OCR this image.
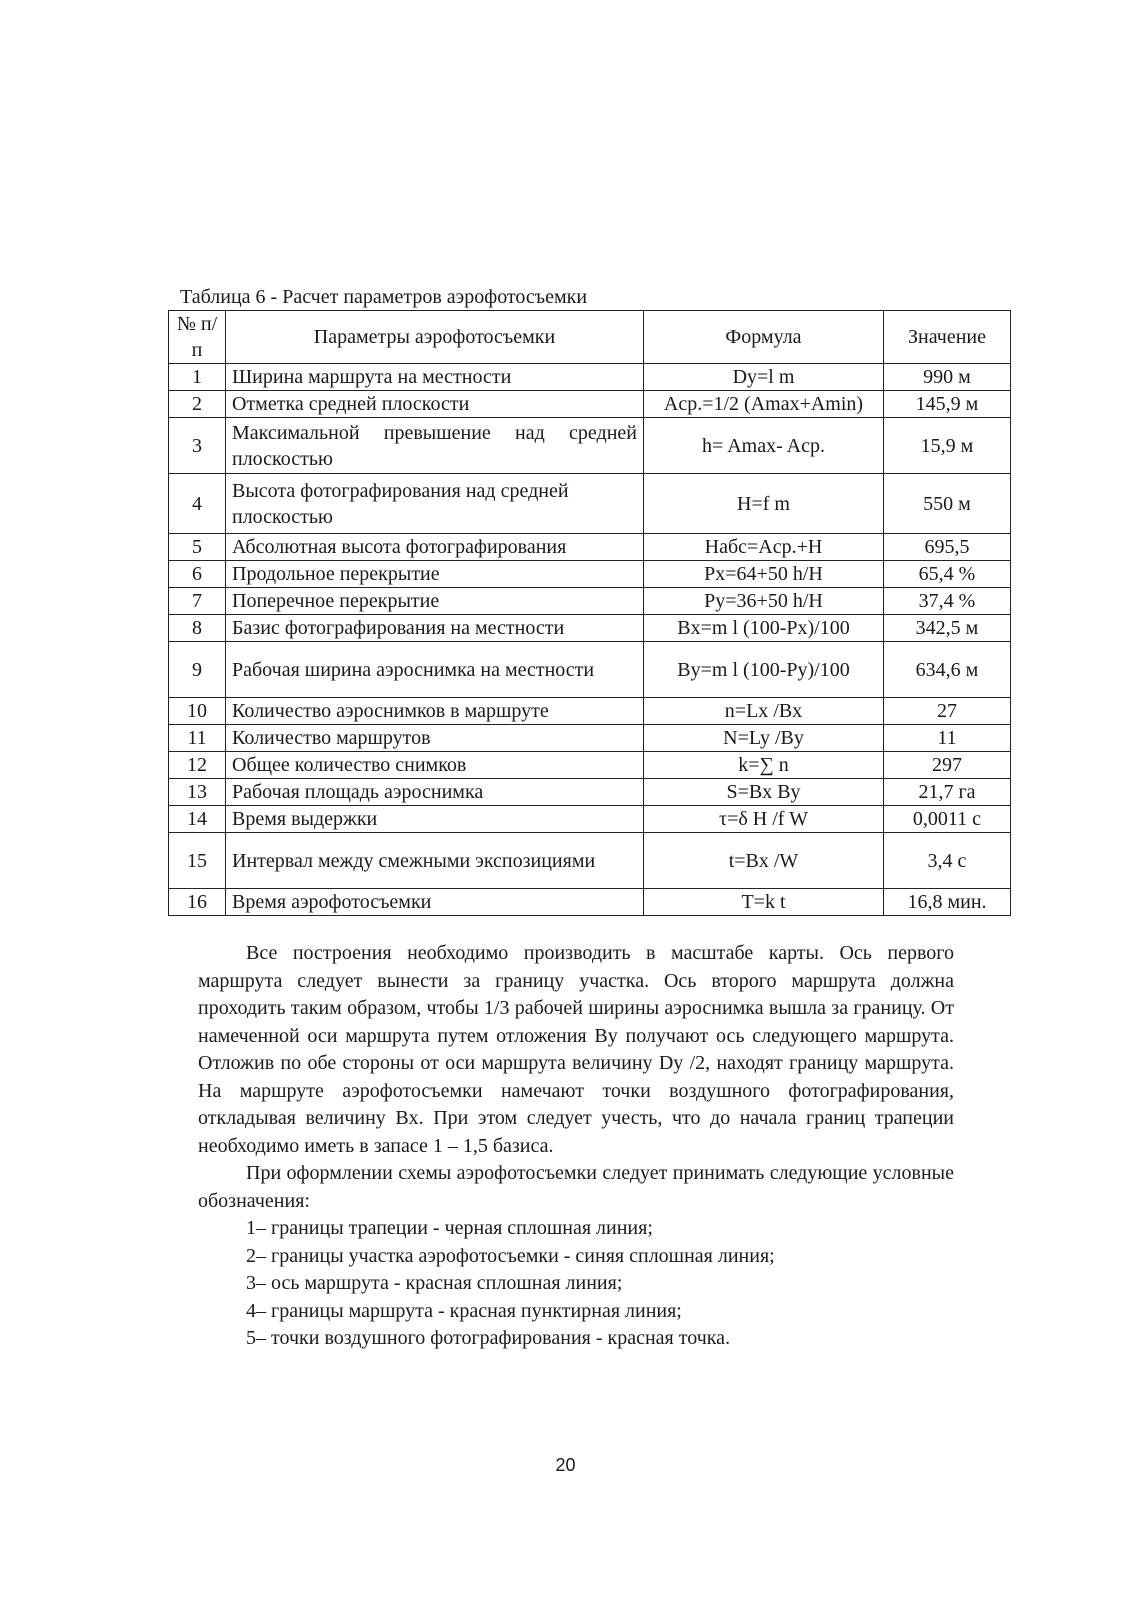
Таблица 6 - Расчет параметров аэрофотосъемки
№ п/п	Параметры аэрофотосъемки	Формула	Значение
1	Ширина маршрута на местности	Dy=l m	990 м
2	Отметка средней плоскости	Aср.=1/2 (Amax+Amin)	145,9 м
3	Максимальной превышение над средней плоскостью	h= Amax- Aср.	15,9 м
4	Высота фотографирования над средней плоскостью	H=f m	550 м
5	Абсолютная высота фотографирования	Hабс=Aср.+H	695,5
6	Продольное перекрытие	Px=64+50 h/H	65,4 %
7	Поперечное перекрытие	Py=36+50 h/H	37,4 %
8	Базис фотографирования на местности	Bx=m l (100-Px)/100	342,5 м
9	Рабочая ширина аэроснимка на местности	By=m l (100-Py)/100	634,6 м
10	Количество аэроснимков в маршруте	n=Lx /Bx	27
11	Количество маршрутов	N=Ly /By	11
12	Общее количество снимков	k=∑ n	297
13	Рабочая площадь аэроснимка	S=Bx By	21,7 га
14	Время выдержки	τ=δ H /f W	0,0011 с
15	Интервал между смежными экспозициями	t=Bx /W	3,4 с
16	Время аэрофотосъемки	T=k t	16,8 мин.

Все построения необходимо производить в масштабе карты. Ось первого маршрута следует вынести за границу участка. Ось второго маршрута должна проходить таким образом, чтобы 1/3 рабочей ширины аэроснимка вышла за границу. От намеченной оси маршрута путем отложения By получают ось следующего маршрута. Отложив по обе стороны от оси маршрута величину Dy /2, находят границу маршрута. На маршруте аэрофотосъемки намечают точки воздушного фотографирования, откладывая величину Bx. При этом следует учесть, что до начала границ трапеции необходимо иметь в запасе 1 – 1,5 базиса.

При оформлении схемы аэрофотосъемки следует принимать следующие условные обозначения:

1– границы трапеции - черная сплошная линия;
2– границы участка аэрофотосъемки - синяя сплошная линия;
3– ось маршрута - красная сплошная линия;
4– границы маршрута - красная пунктирная линия;
5– точки воздушного фотографирования - красная точка.
20
